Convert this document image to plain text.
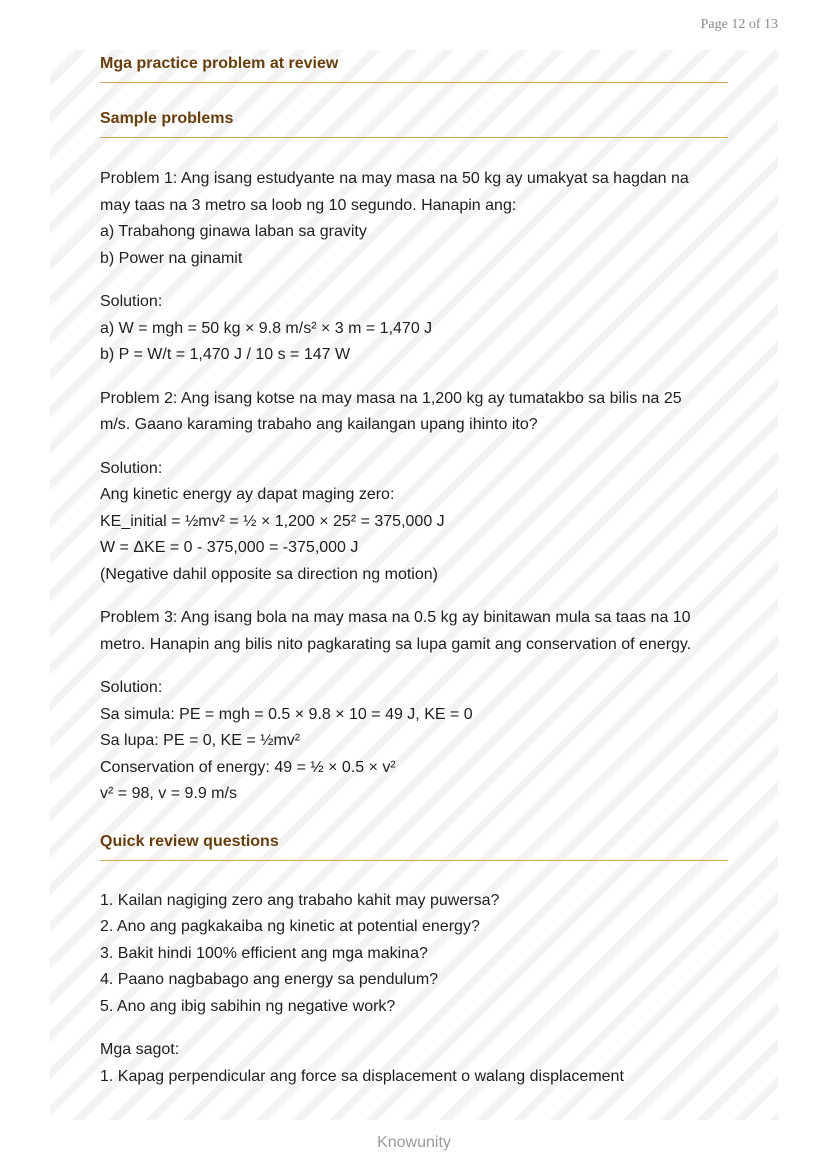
Page 12 of 13
Mga practice problem at review
Sample problems

Problem 1: Ang isang estudyante na may masa na 50 kg ay umakyat sa hagdan na

may taas na 3 metro sa loob ng 10 segundo. Hanapin ang:

a) Trabahong ginawa laban sa gravity

b) Power na ginamit

Solution:

a) W = mgh = 50 kg × 9.8 m/s² × 3 m = 1,470 J

b) P = W/t = 1,470 J / 10 s = 147 W

Problem 2: Ang isang kotse na may masa na 1,200 kg ay tumatakbo sa bilis na 25

m/s. Gaano karaming trabaho ang kailangan upang ihinto ito?

Solution:

Ang kinetic energy ay dapat maging zero:

KE_initial = ½mv² = ½ × 1,200 × 25² = 375,000 J

W = ΔKE = 0 - 375,000 = -375,000 J

(Negative dahil opposite sa direction ng motion)

Problem 3: Ang isang bola na may masa na 0.5 kg ay binitawan mula sa taas na 10

metro. Hanapin ang bilis nito pagkarating sa lupa gamit ang conservation of energy.

Solution:

Sa simula: PE = mgh = 0.5 × 9.8 × 10 = 49 J, KE = 0

Sa lupa: PE = 0, KE = ½mv²

Conservation of energy: 49 = ½ × 0.5 × v²

v² = 98, v = 9.9 m/s

Quick review questions

1. Kailan nagiging zero ang trabaho kahit may puwersa?

2. Ano ang pagkakaiba ng kinetic at potential energy?

3. Bakit hindi 100% efficient ang mga makina?

4. Paano nagbabago ang energy sa pendulum?

5. Ano ang ibig sabihin ng negative work?

Mga sagot:

1. Kapag perpendicular ang force sa displacement o walang displacement

Knowunity
